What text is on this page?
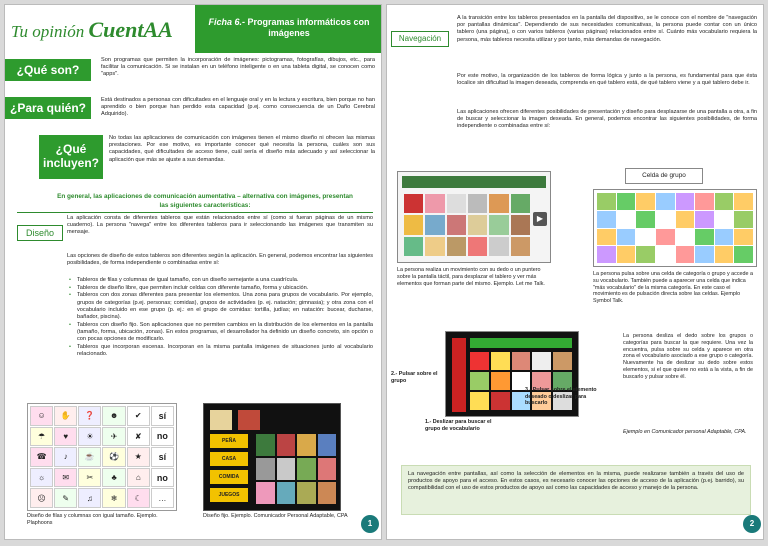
Tu opinión CuentAA	Ficha 6.- Programas informáticos con imágenes
¿Qué son?
Son programas que permiten la incorporación de imágenes: pictogramas, fotografías, dibujos, etc., para facilitar la comunicación. Si se instalan en un teléfono inteligente o en una tableta digital, se conocen como "apps".
¿Para quién?
Está destinados a personas con dificultades en el lenguaje oral y en la lectura y escritura, bien porque no han aprendido o bien porque han perdido esta capacidad (p.ej. como consecuencia de un Daño Cerebral Adquirido).
¿Qué incluyen?
No todas las aplicaciones de comunicación con imágenes tienen el mismo diseño ni ofrecen las mismas prestaciones. Por ese motivo, es importante conocer qué necesita la persona, cuáles son sus capacidades, qué dificultades de acceso tiene, cuál sería el diseño más adecuado y así seleccionar la aplicación que más se ajuste a sus demandas.
En general, las aplicaciones de comunicación aumentativa – alternativa con imágenes, presentan las siguientes características:
Diseño
La aplicación consta de diferentes tableros que están relacionados entre sí (como si fueran páginas de un mismo cuaderno). La persona "navega" entre los diferentes tableros para ir seleccionando las imágenes que transmiten su mensaje.
Las opciones de diseño de estos tableros son diferentes según la aplicación. En general, podemos encontrar las siguientes posibilidades, de forma independiente o combinadas entre sí:
• Tableros de filas y columnas de igual tamaño, con un diseño semejante a una cuadrícula.
• Tableros de diseño libre, que permiten incluir celdas con diferente tamaño, forma y ubicación.
• Tableros con dos zonas diferentes para presentar los elementos. Una zona para grupos de vocabulario. Por ejemplo, grupos de categorías (p.ej. personas; comidas), grupos de actividades (p. ej. natación; gimnasia); y otra zona con el vocabulario incluido en ese grupo (p. ej.: en el grupo de comidas: tortilla, judías; en natación: bucear, ducharse, bañador, piscina).
• Tableros con diseño fijo. Son aplicaciones que no permiten cambios en la distribución de los elementos en la pantalla (tamaño, forma, ubicación, zonas). En estos programas, el desarrollador ha definido un diseño concreto, sin opción o con pocas opciones de modificarlo.
• Tableros que incorporan escenas. Incorporan en la misma pantalla imágenes de situaciones junto al vocabulario relacionado.
☺	✋	❓	☻	✔	sí
☂	♥	☀	✈	✘	no
☎	♪	☕	⚽	★	sí
☼	✉	✂	♣	⌂	no
☹	✎	♫	❄	☾	…
Diseño de filas y columnas con igual tamaño. Ejemplo. Plaphoons
PEÑA
CASA
COMIDA
JUEGOS
Diseño fijo. Ejemplo. Comunicador Personal Adaptable, CPA
1
Navegación
A la transición entre los tableros presentados en la pantalla del dispositivo, se le conoce con el nombre de "navegación por pantallas dinámicas". Dependiendo de sus necesidades comunicativas, la persona puede contar con un único tablero (una página), o con varios tableros (varias páginas) relacionados entre sí. Cuánto más vocabulario requiera la persona, más tableros necesita utilizar y por tanto, más demandas de navegación.
Por este motivo, la organización de los tableros de forma lógica y junto a la persona, es fundamental para que ésta localice sin dificultad la imagen deseada, comprenda en qué tablero está, de qué tablero viene y a qué tablero debe ir.
Las aplicaciones ofrecen diferentes posibilidades de presentación y diseño para desplazarse de una pantalla a otra, a fin de buscar y seleccionar la imagen deseada. En general, podemos encontrar las siguientes posibilidades, de forma independiente o combinadas entre sí:
▶
La persona realiza un movimiento con su dedo o un puntero sobre la pantalla táctil, para desplazar el tablero y ver más elementos que forman parte del mismo. Ejemplo. Let me Talk.
Celda de grupo
La persona pulsa sobre una celda de categoría o grupo y accede a su vocabulario. También puede a aparecer una celda que indica "más vocabulario" de la misma categoría. En este caso el movimiento es de pulsación directa sobre las celdas. Ejemplo Symbol Talk.
2.- Pulsar sobre el grupo
3.- Pulsar sobre el elemento deseado o deslizar para buscarlo
1.- Deslizar para buscar el grupo de vocabulario
La persona desliza el dedo sobre los grupos o categorías para buscar la que requiere. Una vez la encuentra, pulsa sobre su celda y aparece en otra zona el vocabulario asociado a ese grupo o categoría. Nuevamente ha de deslizar su dedo sobre estos elementos, si el que quiere no está a la vista, a fin de buscarlo y pulsar sobre él.
Ejemplo en Comunicador personal Adaptable, CPA.
La navegación entre pantallas, así como la selección de elementos en la misma, puede realizarse también a través del uso de productos de apoyo para el acceso. En estos casos, es necesario conocer las opciones de acceso de la aplicación (p.ej. barrido), su compatibilidad con el uso de estos productos de apoyo así como las capacidades de acceso y manejo de la persona.
2
